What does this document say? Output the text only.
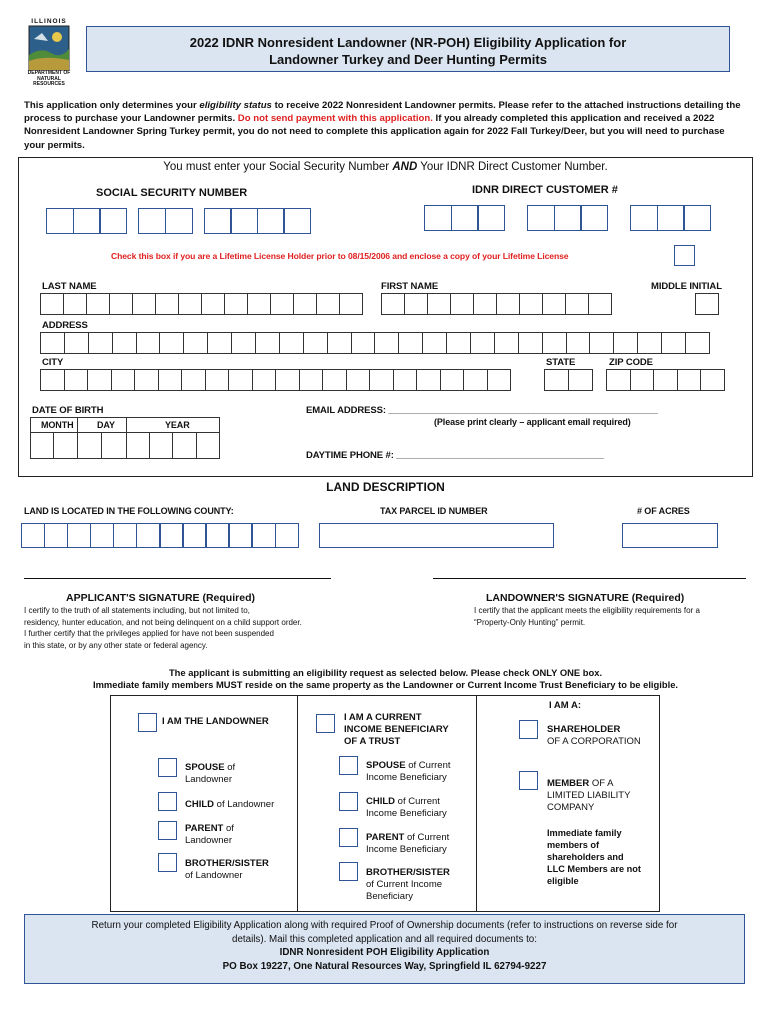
ILLINOIS
DEPARTMENT OF
NATURAL
RESOURCES
2022 IDNR Nonresident Landowner (NR-POH) Eligibility Application for
Landowner Turkey and Deer Hunting Permits
This application only determines your eligibility status to receive 2022 Nonresident Landowner permits. Please refer to the attached instructions detailing the process to purchase your Landowner permits. Do not send payment with this application. If you already completed this application and received a 2022 Nonresident Landowner Spring Turkey permit, you do not need to complete this application again for 2022 Fall Turkey/Deer, but you will need to purchase your permits.
You must enter your Social Security Number AND Your IDNR Direct Customer Number.
SOCIAL SECURITY NUMBER	IDNR DIRECT CUSTOMER #
Check this box if you are a Lifetime License Holder prior to 08/15/2006 and enclose a copy of your Lifetime License
LAST NAME	FIRST NAME	MIDDLE INITIAL
ADDRESS
CITY	STATE	ZIP CODE
DATE OF BIRTH
MONTH	DAY	YEAR
EMAIL ADDRESS: ____________________________________________________
(Please print clearly – applicant email required)
DAYTIME PHONE #: ________________________________________
LAND DESCRIPTION
LAND IS LOCATED IN THE FOLLOWING COUNTY:	TAX PARCEL ID NUMBER	# OF ACRES
APPLICANT'S SIGNATURE (Required)	LANDOWNER'S SIGNATURE (Required)
I certify to the truth of all statements including, but not limited to,
residency, hunter education, and not being delinquent on a child support order.
I further certify that the privileges applied for have not been suspended
in this state, or by any other state or federal agency.
I certify that the applicant meets the eligibility requirements for a
“Property-Only Hunting” permit.
The applicant is submitting an eligibility request as selected below. Please check ONLY ONE box.
Immediate family members MUST reside on the same property as the Landowner or Current Income Trust Beneficiary to be eligible.
I AM THE LANDOWNER
SPOUSE of
Landowner
CHILD of Landowner
PARENT of
Landowner
BROTHER/SISTER
of Landowner
I AM A CURRENT
INCOME BENEFICIARY
OF A TRUST
SPOUSE of Current
Income Beneficiary
CHILD of Current
Income Beneficiary
PARENT of Current
Income Beneficiary
BROTHER/SISTER
of Current Income
Beneficiary
I AM A:
SHAREHOLDER
OF A CORPORATION
MEMBER OF A
LIMITED LIABILITY
COMPANY
Immediate family
members of
shareholders and
LLC Members are not
eligible
Return your completed Eligibility Application along with required Proof of Ownership documents (refer to instructions on reverse side for
details). Mail this completed application and all required documents to:
IDNR Nonresident POH Eligibility Application
PO Box 19227, One Natural Resources Way, Springfield IL 62794-9227
